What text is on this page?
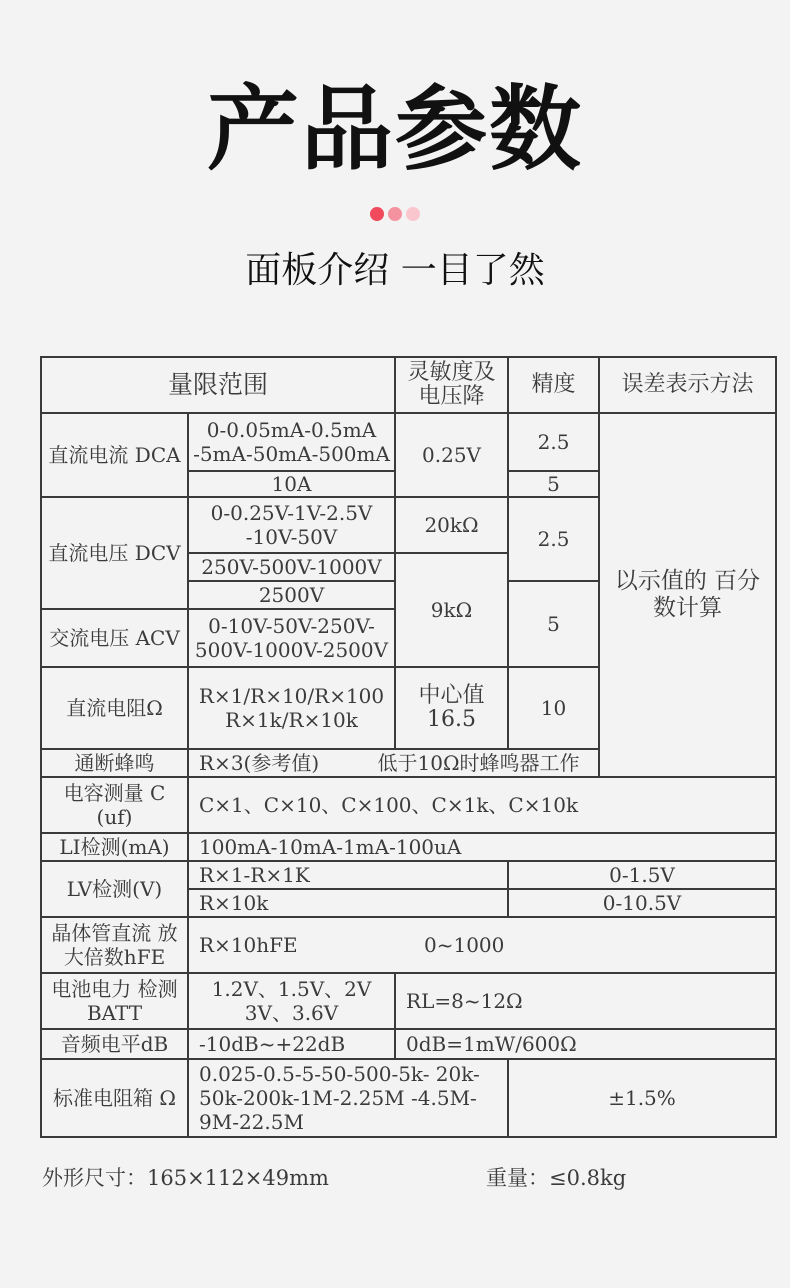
产品参数

面板介绍 一目了然
量限范围		灵敏度及电压降	精度	误差表示方法
直流电流 DCA	0-0.05mA-0.5mA -5mA-50mA-500mA	0.25V	2.5	以示值的 百分数计算
	10A		5	
直流电压 DCV	0-0.25V-1V-2.5V -10V-50V	20kΩ	2.5	
	250V-500V-1000V	9kΩ		
	2500V		5	
交流电压 ACV	0-10V-50V-250V- 500V-1000V-2500V			
直流电阻Ω	R×1/R×10/R×100 R×1k/R×10k	中心值 16.5	10	
通断蜂鸣	R×3(参考值) 低于10Ω时蜂鸣器工作			
电容测量 C (uf)	C×1、C×10、C×100、C×1k、C×10k			
LI检测(mA)	100mA-10mA-1mA-100uA			
LV检测(V)	R×1-R×1K		0-1.5V	
	R×10k		0-10.5V	
晶体管直流 放大倍数hFE	R×10hFE 0~1000			
电池电力 检测BATT	1.2V、1.5V、2V 3V、3.6V	RL=8~12Ω		
音频电平dB	-10dB~+22dB	0dB=1mW/600Ω		
标准电阻箱 Ω	0.025-0.5-5-50-500-5k- 20k-50k-200k-1M-2.25M -4.5M-9M-22.5M		±1.5%	
外形尺寸：165×112×49mm	重量：≤0.8kg
